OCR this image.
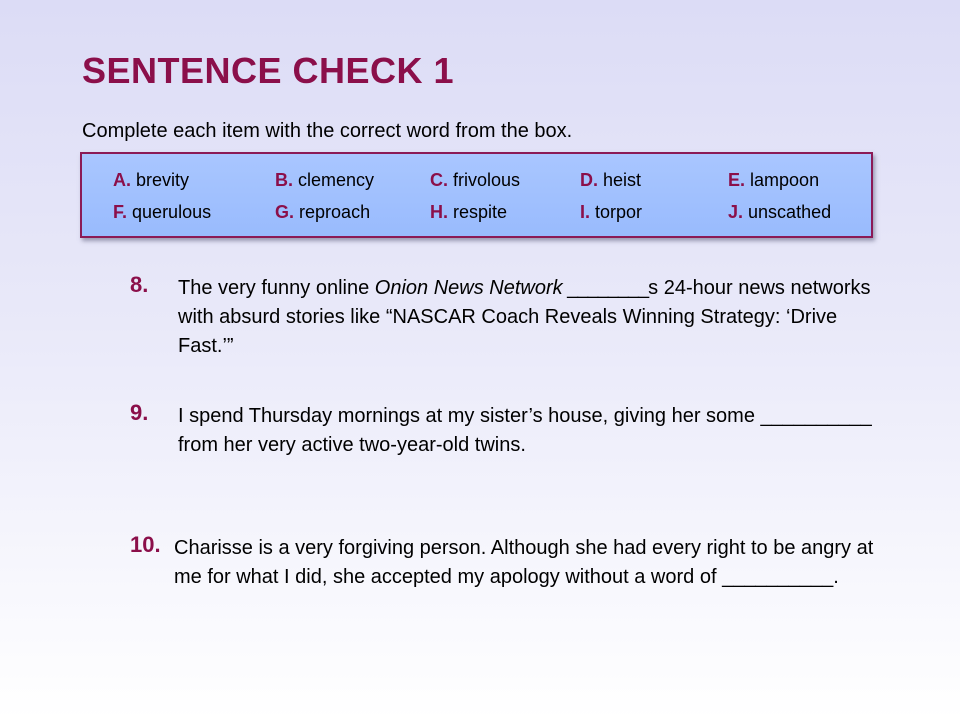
SENTENCE CHECK 1

Complete each item with the correct word from the box.

A. brevity	B. clemency	C. frivolous	D. heist	E. lampoon
F. querulous	G. reproach	H. respite	I. torpor	J. unscathed
8. The very funny online Onion News Network ________s 24-hour news networks with absurd stories like “NASCAR Coach Reveals Winning Strategy: ‘Drive Fast.’”

9. I spend Thursday mornings at my sister’s house, giving her some __________ from her very active two-year-old twins.

10. Charisse is a very forgiving person. Although she had every right to be angry at me for what I did, she accepted my apology without a word of __________.
